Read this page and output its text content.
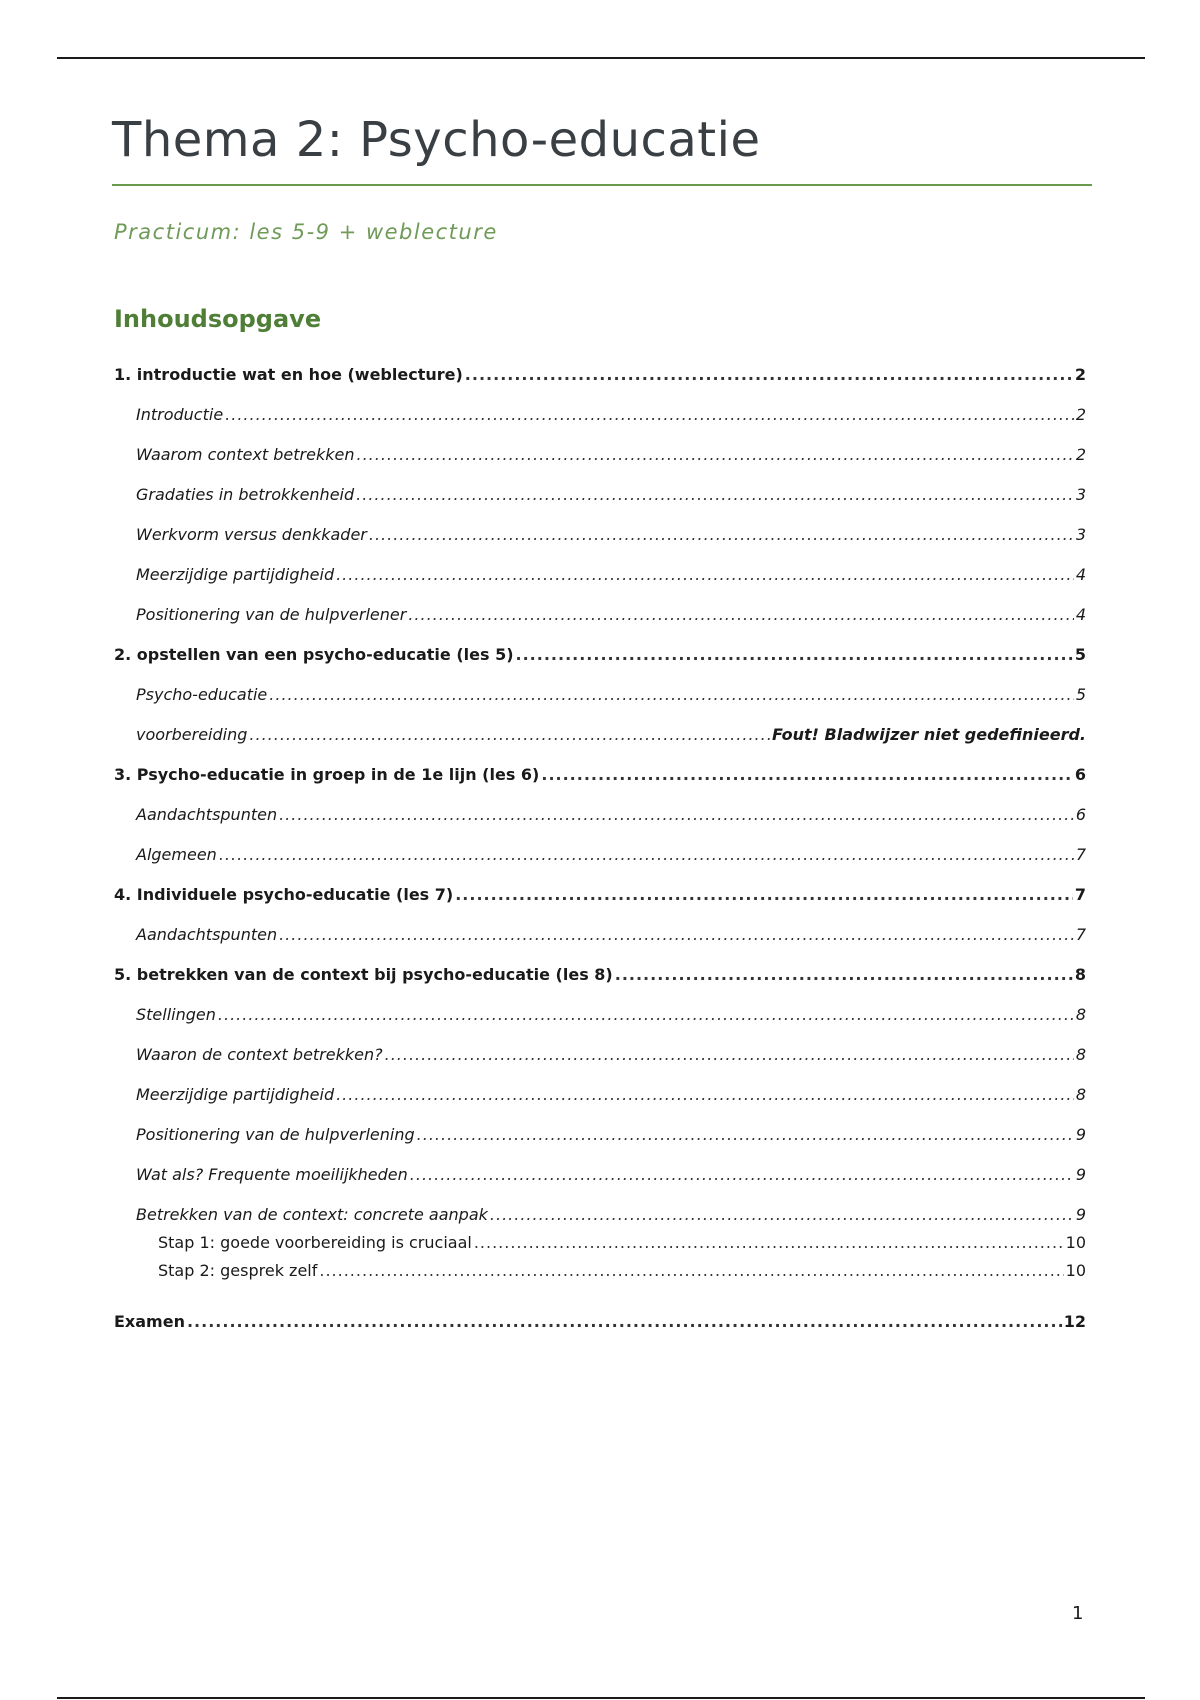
Thema 2: Psycho-educatie
Practicum: les 5-9 + weblecture
Inhoudsopgave
1. introductie wat en hoe (weblecture) .....	2
Introductie .....	2
Waarom context betrekken .....	2
Gradaties in betrokkenheid .....	3
Werkvorm versus denkkader .....	3
Meerzijdige partijdigheid .....	4
Positionering van de hulpverlener .....	4
2. opstellen van een psycho-educatie (les 5) .....	5
Psycho-educatie .....	5
voorbereiding .....	Fout! Bladwijzer niet gedefinieerd.
3. Psycho-educatie in groep in de 1e lijn (les 6) .....	6
Aandachtspunten .....	6
Algemeen .....	7
4. Individuele psycho-educatie (les 7) .....	7
Aandachtspunten .....	7
5. betrekken van de context bij psycho-educatie (les 8) .....	8
Stellingen .....	8
Waaron de context betrekken? .....	8
Meerzijdige partijdigheid .....	8
Positionering van de hulpverlening .....	9
Wat als? Frequente moeilijkheden .....	9
Betrekken van de context: concrete aanpak .....	9
Stap 1: goede voorbereiding is cruciaal .....	10
Stap 2: gesprek zelf .....	10
Examen .....	12
1
